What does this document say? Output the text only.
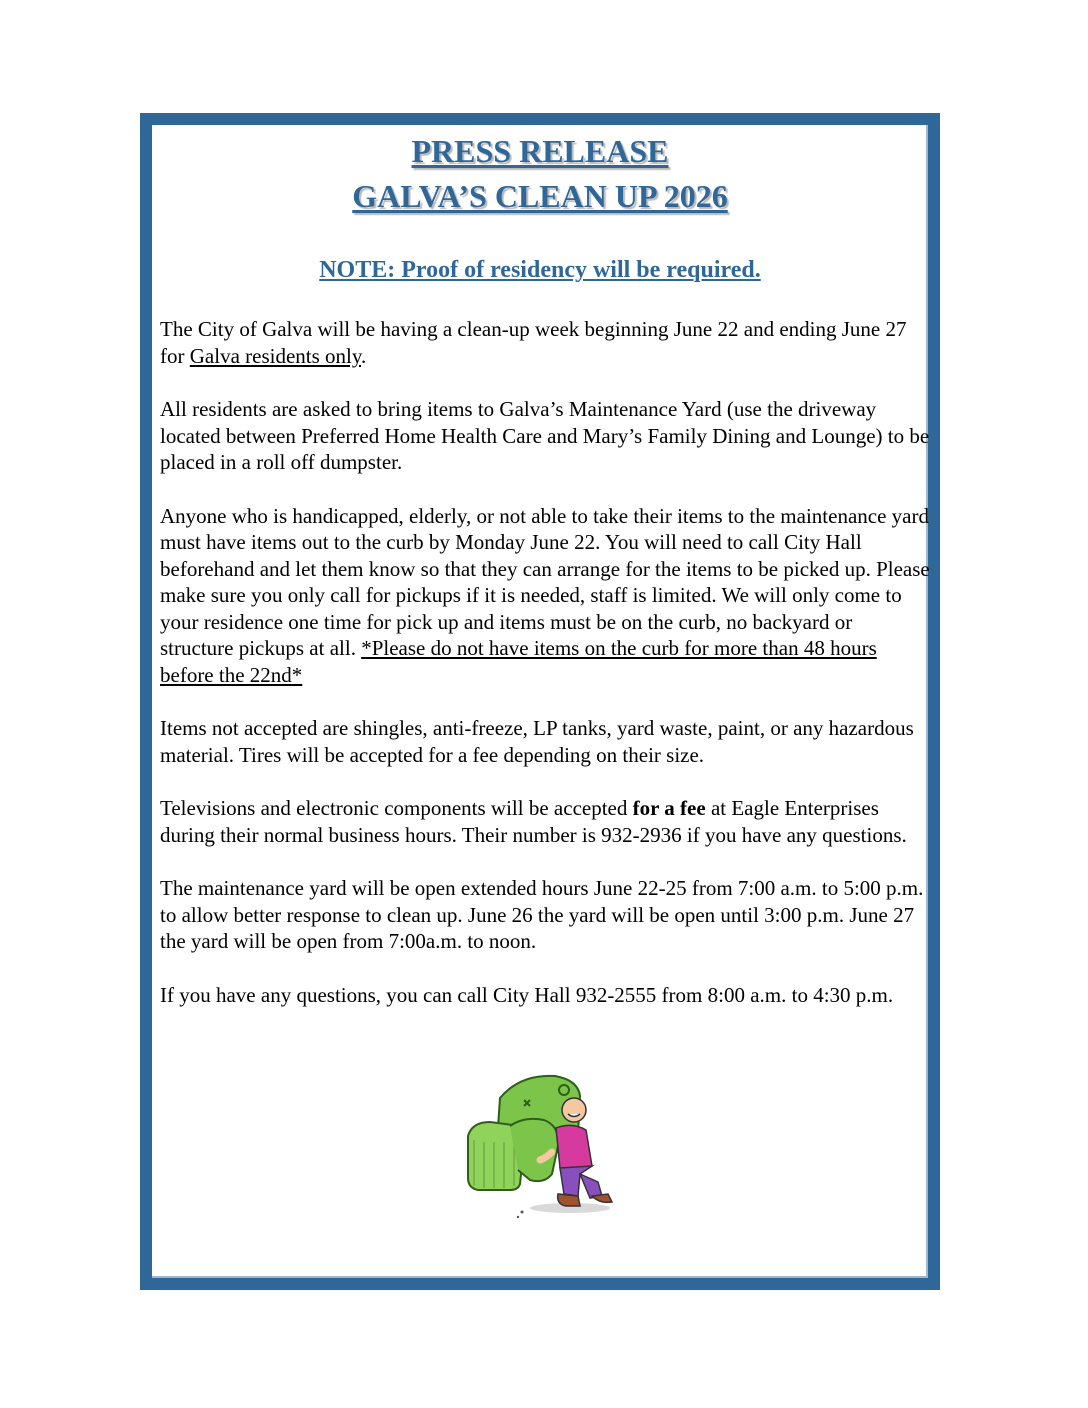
PRESS RELEASE
GALVA’S CLEAN UP 2026
NOTE: Proof of residency will be required.

The City of Galva will be having a clean-up week beginning June 22 and ending June 27 for Galva residents only.

All residents are asked to bring items to Galva’s Maintenance Yard (use the driveway located between Preferred Home Health Care and Mary’s Family Dining and Lounge) to be placed in a roll off dumpster.

Anyone who is handicapped, elderly, or not able to take their items to the maintenance yard must have items out to the curb by Monday June 22. You will need to call City Hall beforehand and let them know so that they can arrange for the items to be picked up. Please make sure you only call for pickups if it is needed, staff is limited. We will only come to your residence one time for pick up and items must be on the curb, no backyard or structure pickups at all. *Please do not have items on the curb for more than 48 hours before the 22nd*

Items not accepted are shingles, anti-freeze, LP tanks, yard waste, paint, or any hazardous material. Tires will be accepted for a fee depending on their size.

Televisions and electronic components will be accepted for a fee at Eagle Enterprises during their normal business hours. Their number is 932-2936 if you have any questions.

The maintenance yard will be open extended hours June 22-25 from 7:00 a.m. to 5:00 p.m. to allow better response to clean up. June 26 the yard will be open until 3:00 p.m. June 27 the yard will be open from 7:00a.m. to noon.

If you have any questions, you can call City Hall 932-2555 from 8:00 a.m. to 4:30 p.m.
